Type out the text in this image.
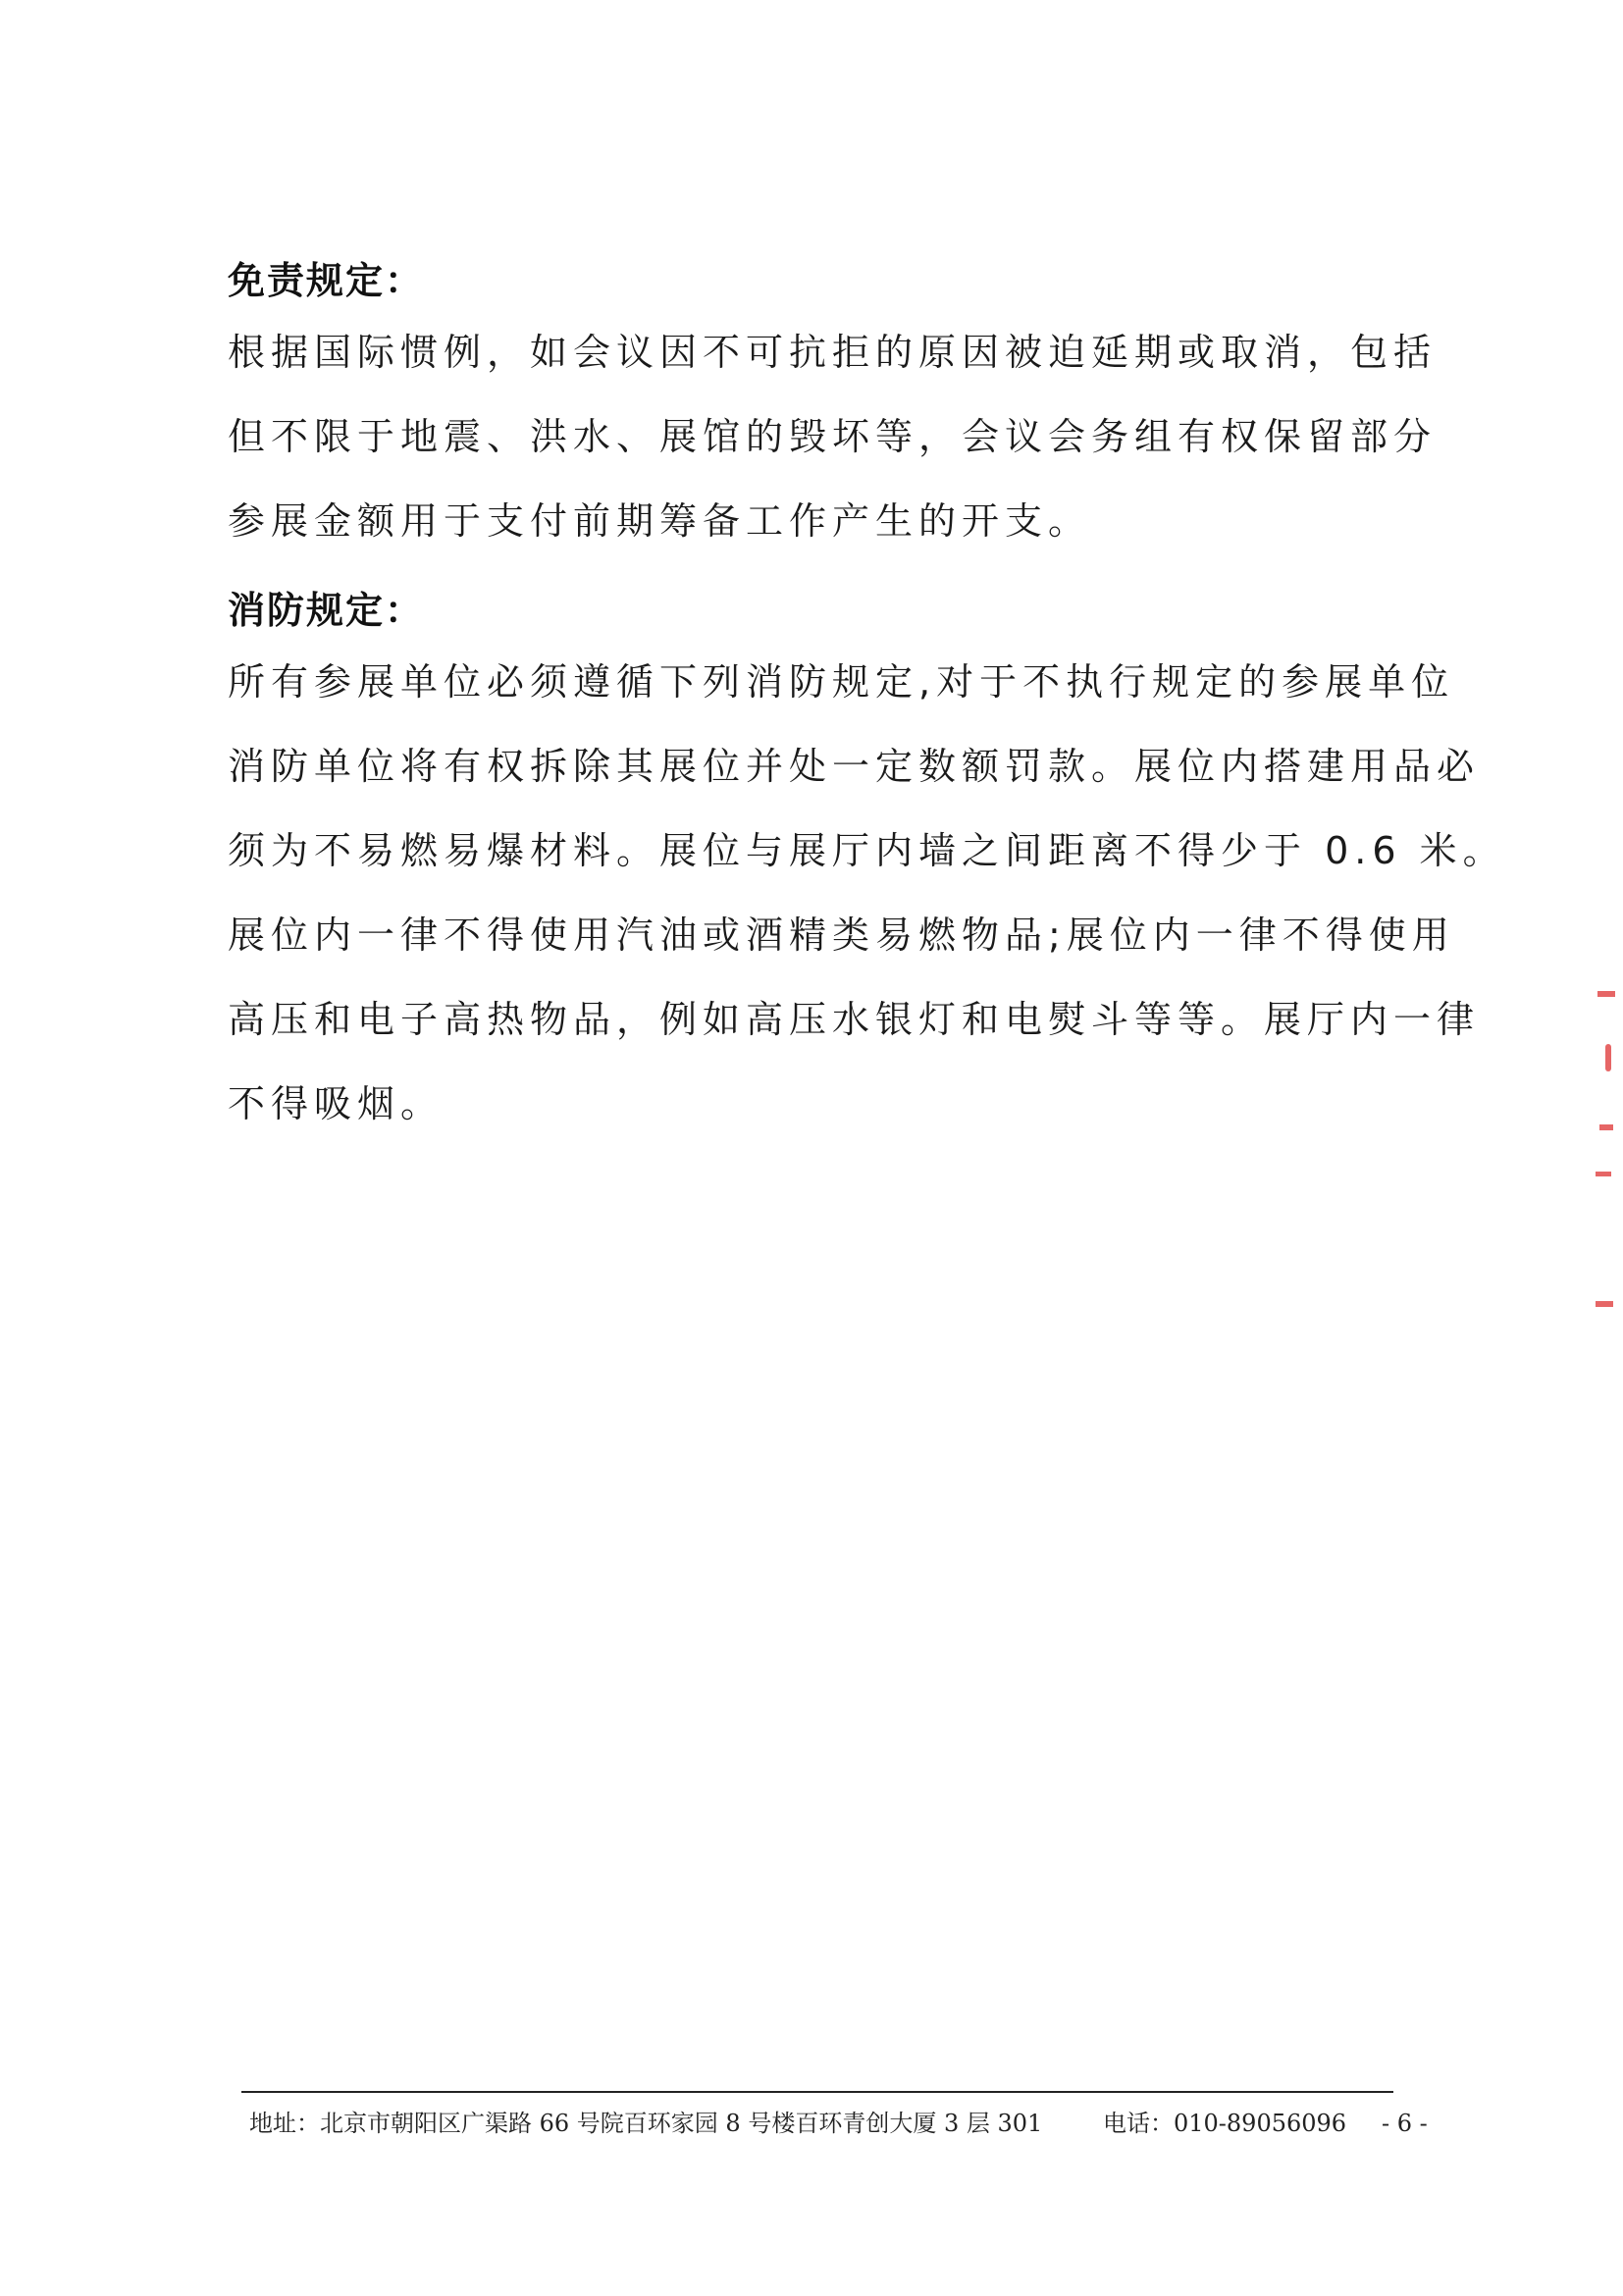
免责规定：
根据国际惯例，如会议因不可抗拒的原因被迫延期或取消，包括
但不限于地震、洪水、展馆的毁坏等，会议会务组有权保留部分
参展金额用于支付前期筹备工作产生的开支。
消防规定：
所有参展单位必须遵循下列消防规定,对于不执行规定的参展单位
消防单位将有权拆除其展位并处一定数额罚款。展位内搭建用品必
须为不易燃易爆材料。展位与展厅内墙之间距离不得少于 0.6 米。
展位内一律不得使用汽油或酒精类易燃物品;展位内一律不得使用
高压和电子高热物品，例如高压水银灯和电熨斗等等。展厅内一律
不得吸烟。
地址：北京市朝阳区广渠路 66 号院百环家园 8 号楼百环青创大厦 3 层 301	电话：010-89056096 - 6 -
